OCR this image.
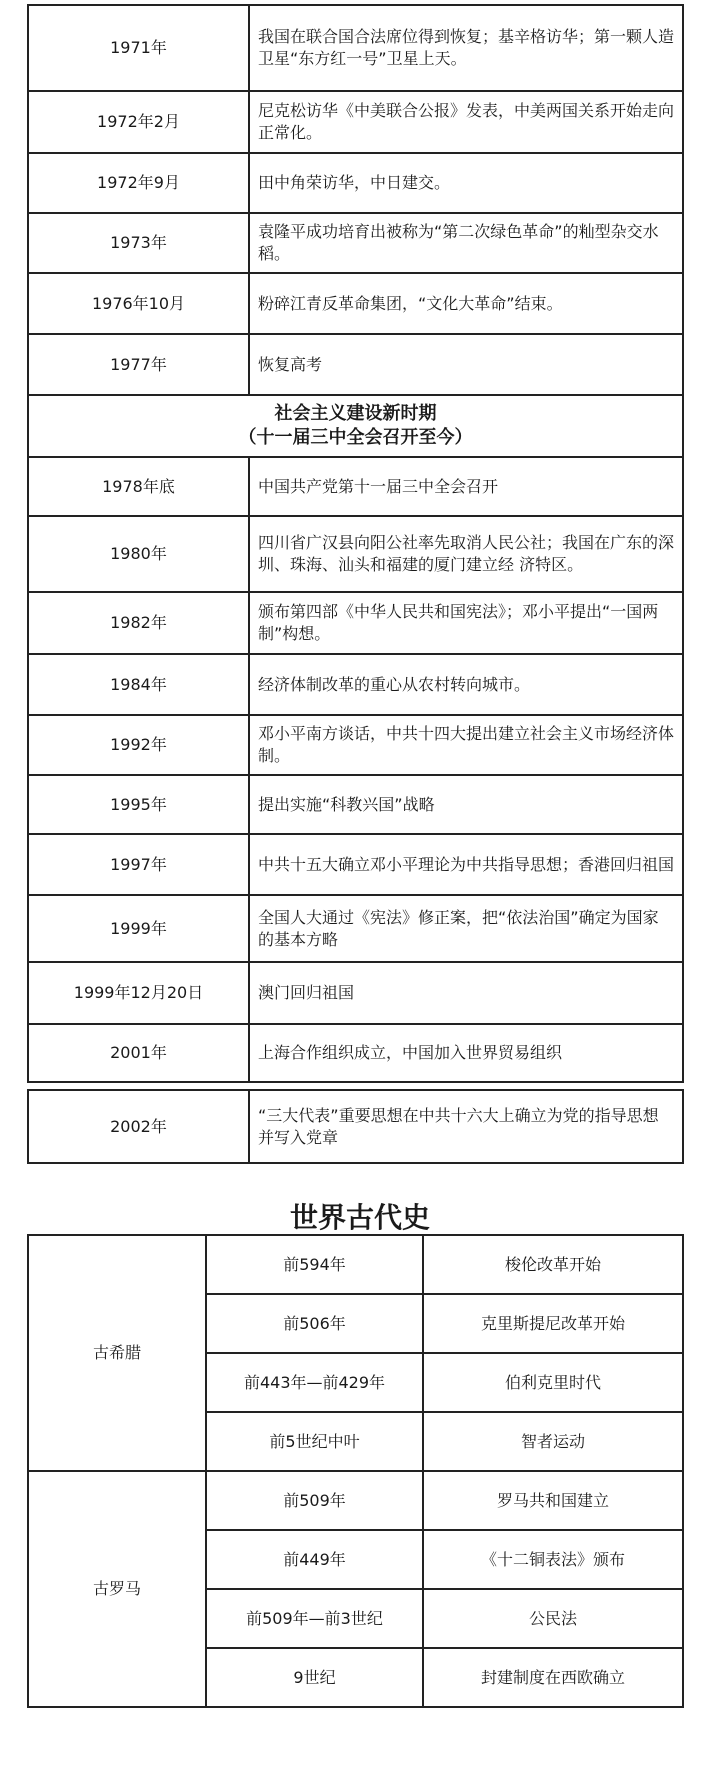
1971年	我国在联合国合法席位得到恢复；基辛格访华；第一颗人造卫星“东方红一号”卫星上天。
1972年2月	尼克松访华《中美联合公报》发表，中美两国关系开始走向正常化。
1972年9月	田中角荣访华，中日建交。
1973年	袁隆平成功培育出被称为“第二次绿色革命”的籼型杂交水稻。
1976年10月	粉碎江青反革命集团，“文化大革命”结束。
1977年	恢复高考

社会主义建设新时期
（十一届三中全会召开至今）	

1978年底	中国共产党第十一届三中全会召开
1980年	四川省广汉县向阳公社率先取消人民公社；我国在广东的深圳、珠海、汕头和福建的厦门建立经 济特区。
1982年	颁布第四部《中华人民共和国宪法》；邓小平提出“一国两制”构想。
1984年	经济体制改革的重心从农村转向城市。
1992年	邓小平南方谈话，中共十四大提出建立社会主义市场经济体制。
1995年	提出实施“科教兴国”战略
1997年	中共十五大确立邓小平理论为中共指导思想；香港回归祖国
1999年	全国人大通过《宪法》修正案，把“依法治国”确定为国家的基本方略
1999年12月20日	澳门回归祖国
2001年	上海合作组织成立，中国加入世界贸易组织
2002年	“三大代表”重要思想在中共十六大上确立为党的指导思想并写入党章
世界古代史
古希腊	前594年	梭伦改革开始
	前506年	克里斯提尼改革开始
	前443年—前429年	伯利克里时代
	前5世纪中叶	智者运动
古罗马	前509年	罗马共和国建立
	前449年	《十二铜表法》颁布
	前509年—前3世纪	公民法
	9世纪	封建制度在西欧确立
